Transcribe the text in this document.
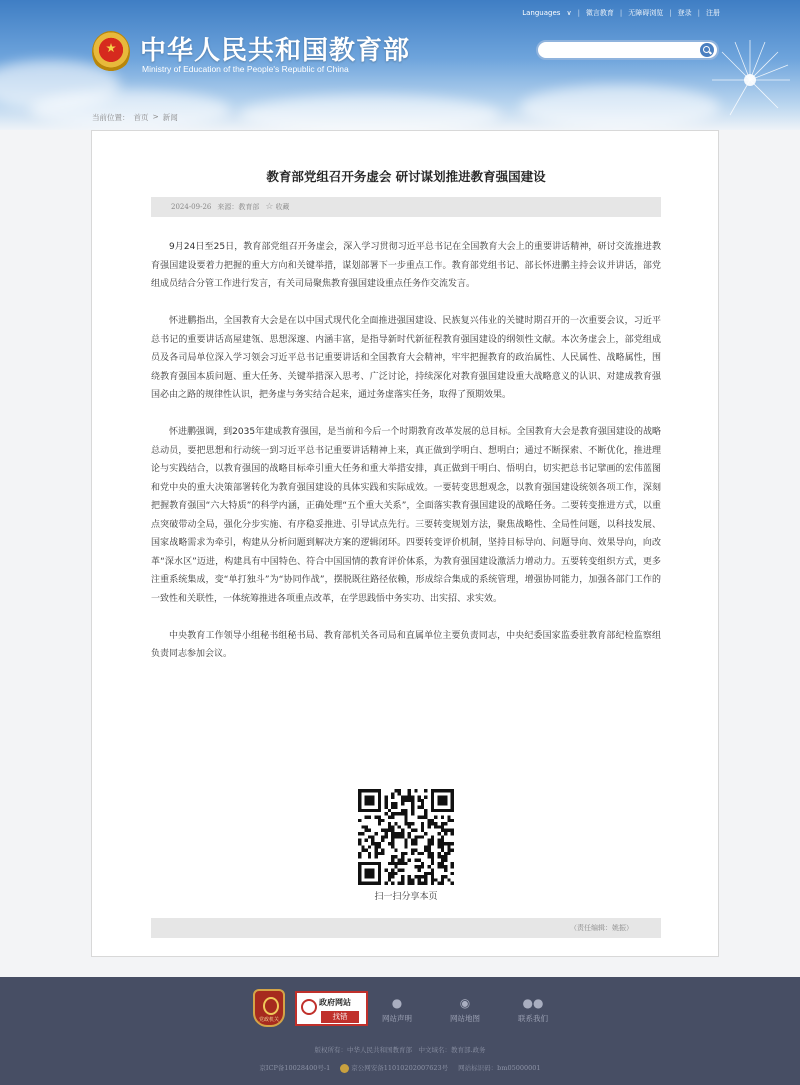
Languages ∨ | 微言教育 | 无障碍浏览 | 登录 | 注册
中华人民共和国教育部
Ministry of Education of the People's Republic of China
当前位置： 首页 > 新闻
教育部党组召开务虚会 研讨谋划推进教育强国建设
2024-09-26 来源：教育部 ☆ 收藏

9月24日至25日，教育部党组召开务虚会，深入学习贯彻习近平总书记在全国教育大会上的重要讲话精神，研讨交流推进教育强国建设要着力把握的重大方向和关键举措，谋划部署下一步重点工作。教育部党组书记、部长怀进鹏主持会议并讲话，部党组成员结合分管工作进行发言，有关司局聚焦教育强国建设重点任务作交流发言。

怀进鹏指出，全国教育大会是在以中国式现代化全面推进强国建设、民族复兴伟业的关键时期召开的一次重要会议，习近平总书记的重要讲话高屋建瓴、思想深邃、内涵丰富，是指导新时代新征程教育强国建设的纲领性文献。本次务虚会上，部党组成员及各司局单位深入学习领会习近平总书记重要讲话和全国教育大会精神，牢牢把握教育的政治属性、人民属性、战略属性，围绕教育强国本质问题、重大任务、关键举措深入思考、广泛讨论，持续深化对教育强国建设重大战略意义的认识、对建成教育强国必由之路的规律性认识，把务虚与务实结合起来，通过务虚落实任务，取得了预期效果。

怀进鹏强调，到2035年建成教育强国，是当前和今后一个时期教育改革发展的总目标。全国教育大会是教育强国建设的战略总动员，要把思想和行动统一到习近平总书记重要讲话精神上来，真正做到学明白、想明白；通过不断探索、不断优化，推进理论与实践结合，以教育强国的战略目标牵引重大任务和重大举措安排，真正做到干明白、悟明白，切实把总书记擘画的宏伟蓝图和党中央的重大决策部署转化为教育强国建设的具体实践和实际成效。一要转变思想观念，以教育强国建设统领各项工作，深刻把握教育强国“六大特质”的科学内涵，正确处理“五个重大关系”，全面落实教育强国建设的战略任务。二要转变推进方式，以重点突破带动全局，强化分步实施、有序稳妥推进、引导试点先行。三要转变规划方法，聚焦战略性、全局性问题，以科技发展、国家战略需求为牵引，构建从分析问题到解决方案的逻辑闭环。四要转变评价机制，坚持目标导向、问题导向、效果导向，向改革“深水区”迈进，构建具有中国特色、符合中国国情的教育评价体系，为教育强国建设激活力增动力。五要转变组织方式，更多注重系统集成，变“单打独斗”为“协同作战”，摆脱既往路径依赖，形成综合集成的系统管理，增强协同能力，加强各部门工作的一致性和关联性，一体统筹推进各项重点改革，在学思践悟中务实功、出实招、求实效。

中央教育工作领导小组秘书组秘书局、教育部机关各司局和直属单位主要负责同志，中央纪委国家监委驻教育部纪检监察组负责同志参加会议。

扫一扫分享本页
（责任编辑：姚振）
党政机关
政府网站
找错
●
网站声明
◉
网站地图
●●
联系我们
版权所有：中华人民共和国教育部　中文域名：教育部.政务
京ICP备10028400号-1	京公网安备11010202007623号 网站标识码：bm05000001
